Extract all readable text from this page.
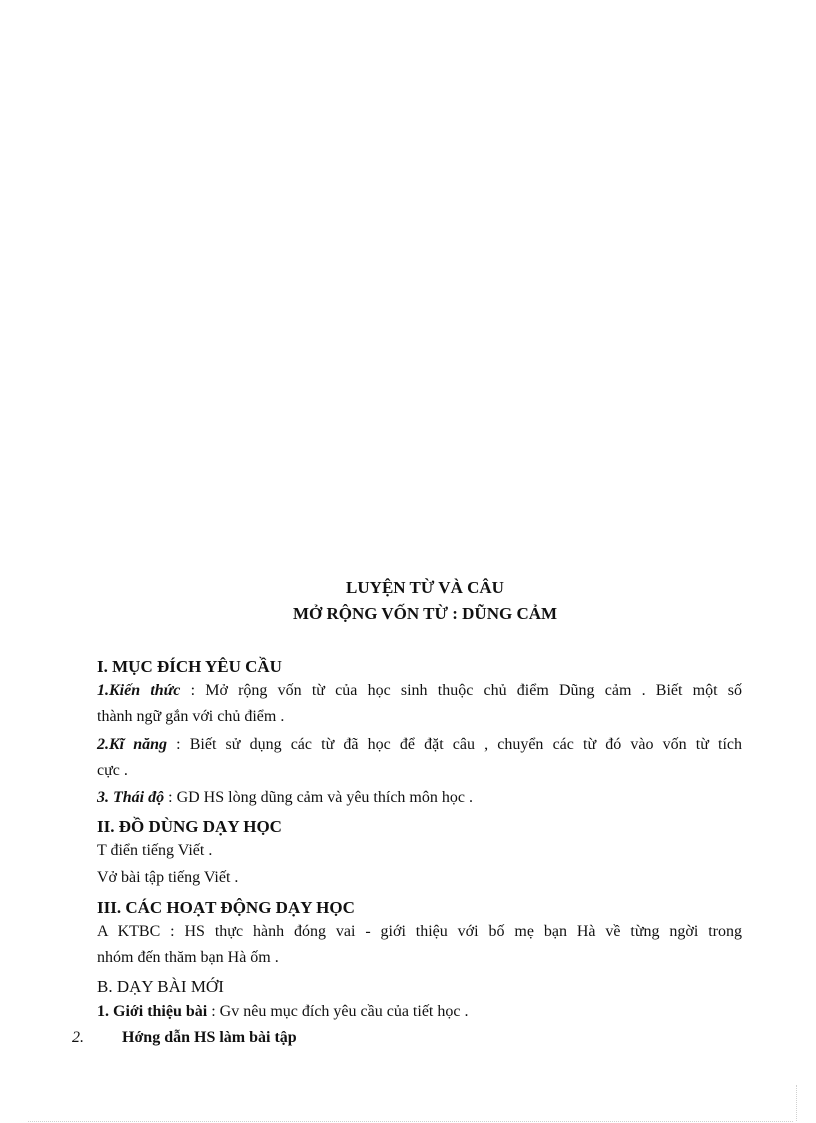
LUYỆN TỪ VÀ CÂU
MỞ RỘNG VỐN TỪ : DŨNG CẢM
I. MỤC ĐÍCH YÊU CẦU
1.Kiến thức : Mở rộng vốn từ của học sinh thuộc chủ điểm Dũng cảm . Biết một số
thành ngữ gắn với chủ điểm .
2.Kĩ năng : Biết sử dụng các từ đã học để đặt câu , chuyển các từ đó vào vốn từ tích
cực .
3. Thái độ : GD HS lòng dũng cảm và yêu thích môn học .
II. ĐỒ DÙNG DẠY HỌC
T điển tiếng Viết .
Vở bài tập tiếng Viết .
III. CÁC HOẠT ĐỘNG DẠY HỌC
A KTBC : HS thực hành đóng vai - giới thiệu với bố mẹ bạn Hà về từng ngời trong
nhóm đến thăm bạn Hà ốm .
B. DẠY BÀI MỚI
1. Giới thiệu bài : Gv nêu mục đích yêu cầu của tiết học .
2. Hớng dẫn HS làm bài tập
